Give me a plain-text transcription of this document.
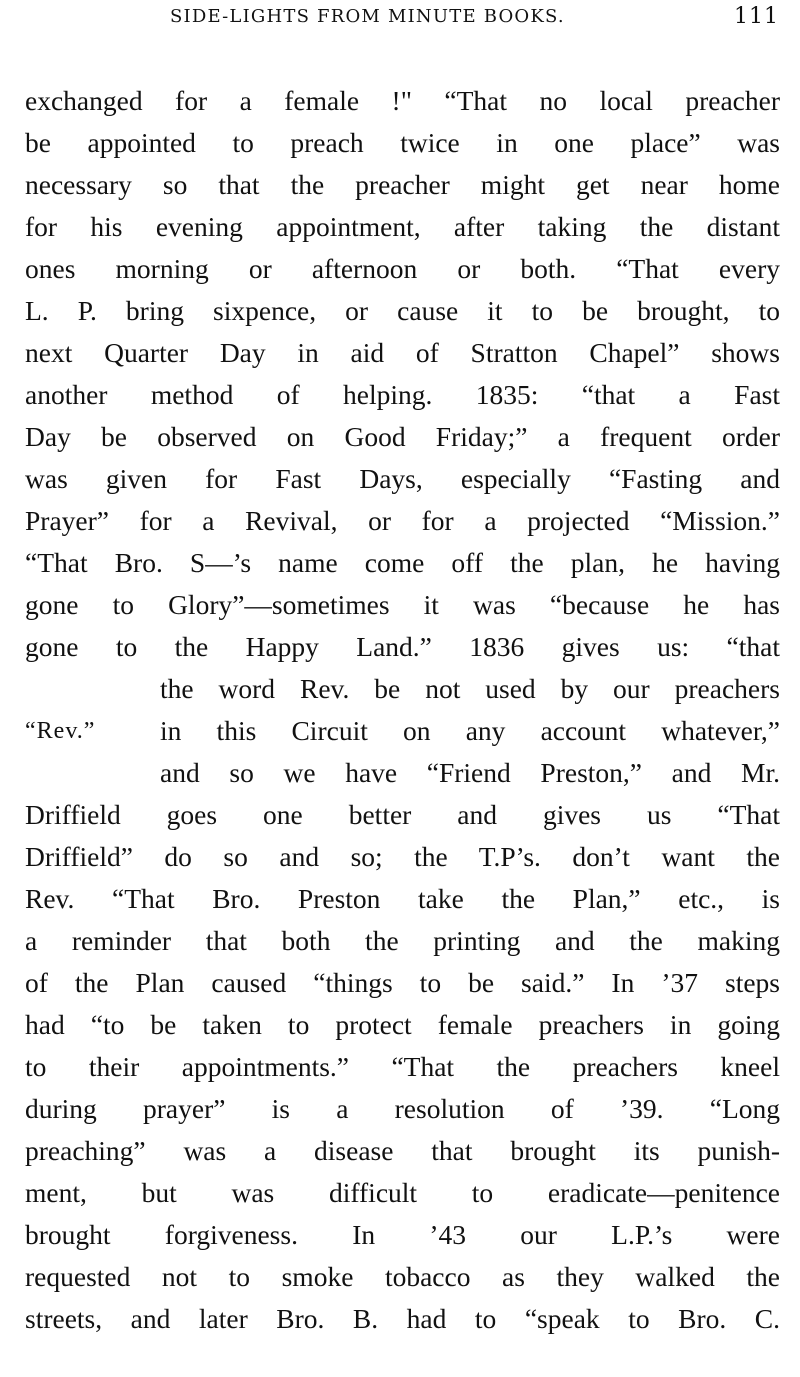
SIDE-LIGHTS FROM MINUTE BOOKS.	111
exchanged for a female !" “That no local preacher
be appointed to preach twice in one place” was
necessary so that the preacher might get near home
for his evening appointment, after taking the distant
ones morning or afternoon or both. “That every
L. P. bring sixpence, or cause it to be brought, to
next Quarter Day in aid of Stratton Chapel” shows
another method of helping. 1835: “that a Fast
Day be observed on Good Friday;” a frequent order
was given for Fast Days, especially “Fasting and
Prayer” for a Revival, or for a projected “Mission.”
“That Bro. S—’s name come off the plan, he having
gone to Glory”—sometimes it was “because he has
gone to the Happy Land.” 1836 gives us: “that
“Rev.”
the word Rev. be not used by our preachers
in this Circuit on any account whatever,”
and so we have “Friend Preston,” and Mr.
Driffield goes one better and gives us “That
Driffield” do so and so; the T.P’s. don’t want the
Rev. “That Bro. Preston take the Plan,” etc., is
a reminder that both the printing and the making
of the Plan caused “things to be said.” In ’37 steps
had “to be taken to protect female preachers in going
to their appointments.” “That the preachers kneel
during prayer” is a resolution of ’39. “Long
preaching” was a disease that brought its punish-
ment, but was difficult to eradicate—penitence
brought forgiveness. In ’43 our L.P.’s were
requested not to smoke tobacco as they walked the
streets, and later Bro. B. had to “speak to Bro. C.
